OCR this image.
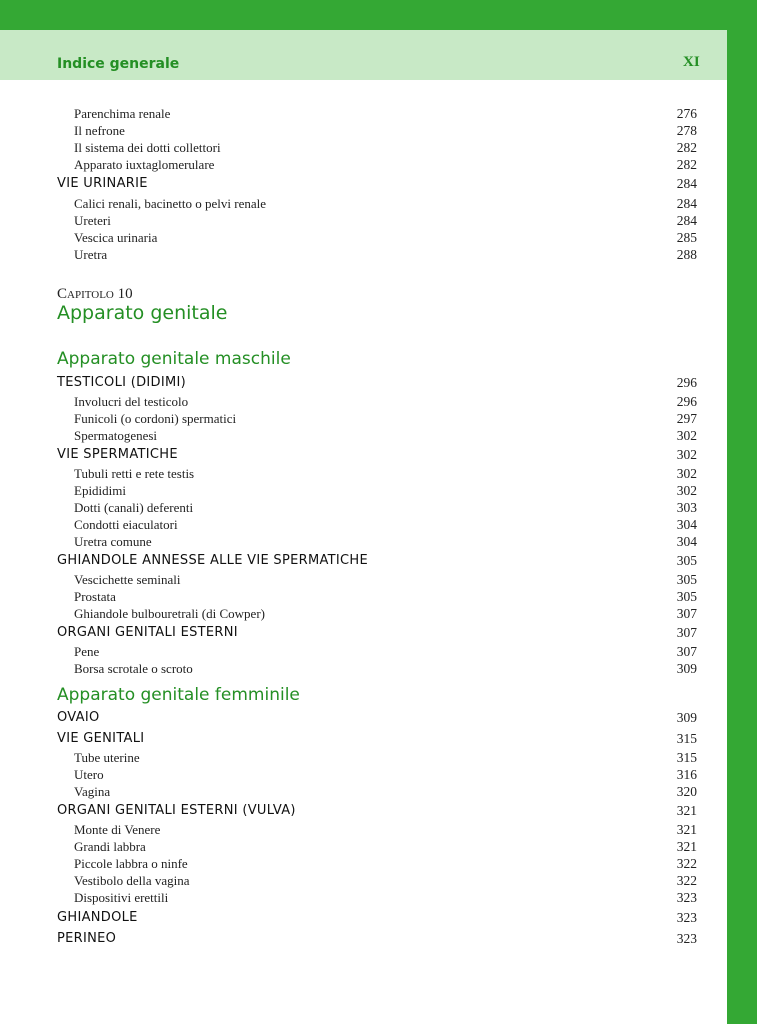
Indice generale	XI
Parenchima renale	276
Il nefrone	278
Il sistema dei dotti collettori	282
Apparato iuxtaglomerulare	282
VIE URINARIE	284
Calici renali, bacinetto o pelvi renale	284
Ureteri	284
Vescica urinaria	285
Uretra	288
Capitolo 10
Apparato genitale
Apparato genitale maschile
TESTICOLI (DIDIMI)	296
Involucri del testicolo	296
Funicoli (o cordoni) spermatici	297
Spermatogenesi	302
VIE SPERMATICHE	302
Tubuli retti e rete testis	302
Epididimi	302
Dotti (canali) deferenti	303
Condotti eiaculatori	304
Uretra comune	304
GHIANDOLE ANNESSE ALLE VIE SPERMATICHE	305
Vescichette seminali	305
Prostata	305
Ghiandole bulbouretrali (di Cowper)	307
ORGANI GENITALI ESTERNI	307
Pene	307
Borsa scrotale o scroto	309
Apparato genitale femminile
OVAIO	309
VIE GENITALI	315
Tube uterine	315
Utero	316
Vagina	320
ORGANI GENITALI ESTERNI (VULVA)	321
Monte di Venere	321
Grandi labbra	321
Piccole labbra o ninfe	322
Vestibolo della vagina	322
Dispositivi erettili	323
GHIANDOLE	323
PERINEO	323
